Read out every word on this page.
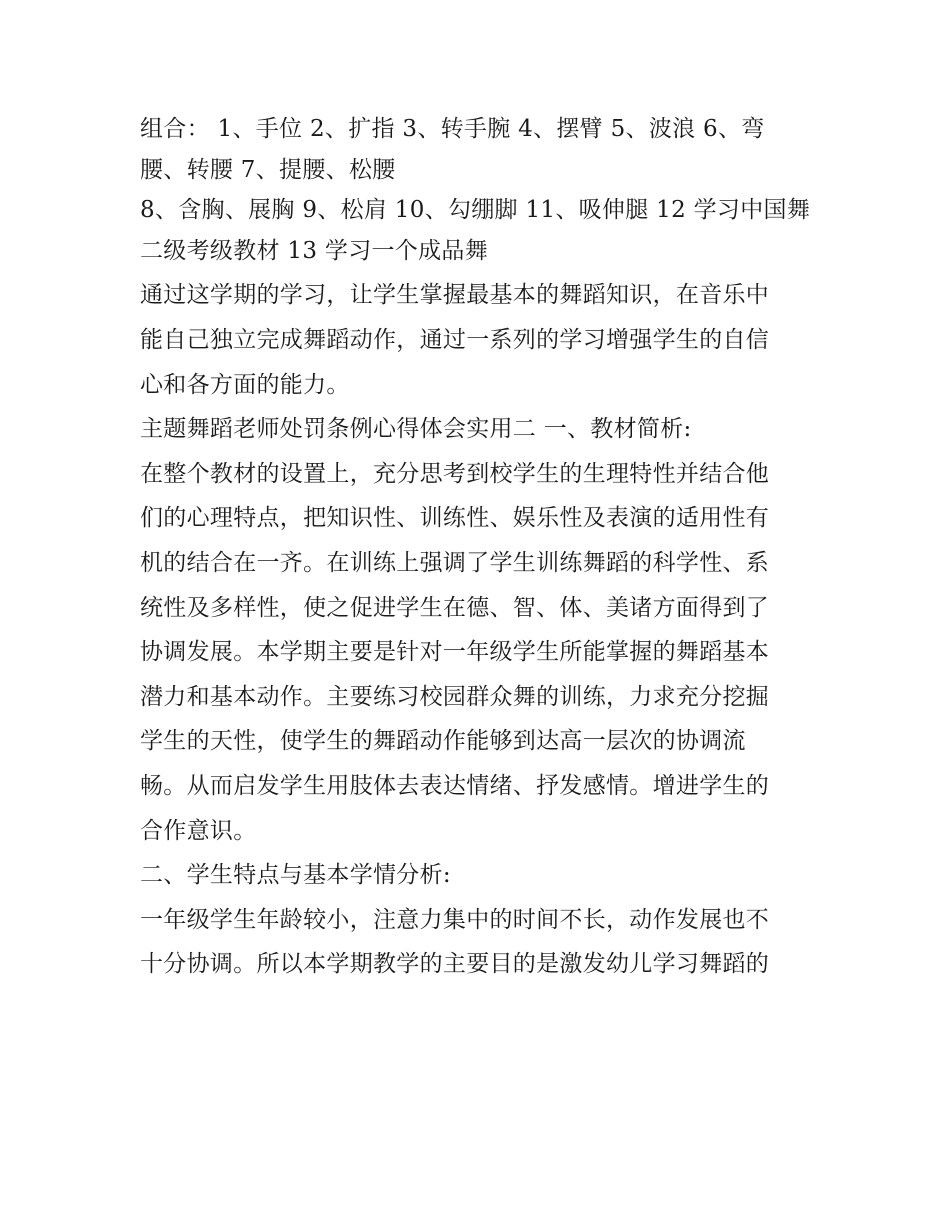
组合： 1、手位 2、扩指 3、转手腕 4、摆臂 5、波浪 6、弯
腰、转腰 7、提腰、松腰
8、含胸、展胸 9、松肩 10、勾绷脚 11、吸伸腿 12 学习中国舞
二级考级教材 13 学习一个成品舞
通过这学期的学习，让学生掌握最基本的舞蹈知识，在音乐中
能自己独立完成舞蹈动作，通过一系列的学习增强学生的自信
心和各方面的能力。
主题舞蹈老师处罚条例心得体会实用二 一、教材简析:
在整个教材的设置上，充分思考到校学生的生理特性并结合他
们的心理特点，把知识性、训练性、娱乐性及表演的适用性有
机的结合在一齐。在训练上强调了学生训练舞蹈的科学性、系
统性及多样性，使之促进学生在德、智、体、美诸方面得到了
协调发展。本学期主要是针对一年级学生所能掌握的舞蹈基本
潜力和基本动作。主要练习校园群众舞的训练，力求充分挖掘
学生的天性，使学生的舞蹈动作能够到达高一层次的协调流
畅。从而启发学生用肢体去表达情绪、抒发感情。增进学生的
合作意识。
二、学生特点与基本学情分析:
一年级学生年龄较小，注意力集中的时间不长，动作发展也不
十分协调。所以本学期教学的主要目的是激发幼儿学习舞蹈的
